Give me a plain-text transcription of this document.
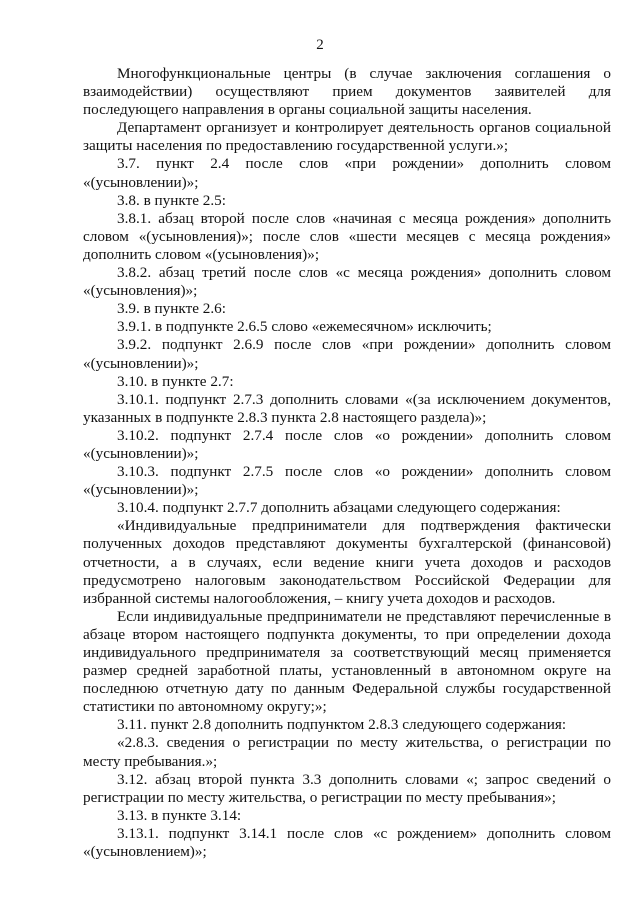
2

Многофункциональные центры (в случае заключения соглашения о взаимодействии) осуществляют прием документов заявителей для последующего направления в органы социальной защиты населения.

Департамент организует и контролирует деятельность органов социальной защиты населения по предоставлению государственной услуги.»;

3.7. пункт 2.4 после слов «при рождении» дополнить словом «(усыновлении)»;

3.8. в пункте 2.5:

3.8.1. абзац второй после слов «начиная с месяца рождения» дополнить словом «(усыновления)»; после слов «шести месяцев с месяца рождения» дополнить словом «(усыновления)»;

3.8.2. абзац третий после слов «с месяца рождения» дополнить словом «(усыновления)»;

3.9. в пункте 2.6:

3.9.1. в подпункте 2.6.5 слово «ежемесячном» исключить;

3.9.2. подпункт 2.6.9 после слов «при рождении» дополнить словом «(усыновлении)»;

3.10. в пункте 2.7:

3.10.1. подпункт 2.7.3 дополнить словами «(за исключением документов, указанных в подпункте 2.8.3 пункта 2.8 настоящего раздела)»;

3.10.2. подпункт 2.7.4 после слов «о рождении» дополнить словом «(усыновлении)»;

3.10.3. подпункт 2.7.5 после слов «о рождении» дополнить словом «(усыновлении)»;

3.10.4. подпункт 2.7.7 дополнить абзацами следующего содержания:

«Индивидуальные предприниматели для подтверждения фактически полученных доходов представляют документы бухгалтерской (финансовой) отчетности, а в случаях, если ведение книги учета доходов и расходов предусмотрено налоговым законодательством Российской Федерации для избранной системы налогообложения, – книгу учета доходов и расходов.

Если индивидуальные предприниматели не представляют перечисленные в абзаце втором настоящего подпункта документы, то при определении дохода индивидуального предпринимателя за соответствующий месяц применяется размер средней заработной платы, установленный в автономном округе на последнюю отчетную дату по данным Федеральной службы государственной статистики по автономному округу;»;

3.11. пункт 2.8 дополнить подпунктом 2.8.3 следующего содержания:

«2.8.3. сведения о регистрации по месту жительства, о регистрации по месту пребывания.»;

3.12. абзац второй пункта 3.3 дополнить словами «; запрос сведений о регистрации по месту жительства, о регистрации по месту пребывания»;

3.13. в пункте 3.14:

3.13.1. подпункт 3.14.1 после слов «с рождением» дополнить словом «(усыновлением)»;
